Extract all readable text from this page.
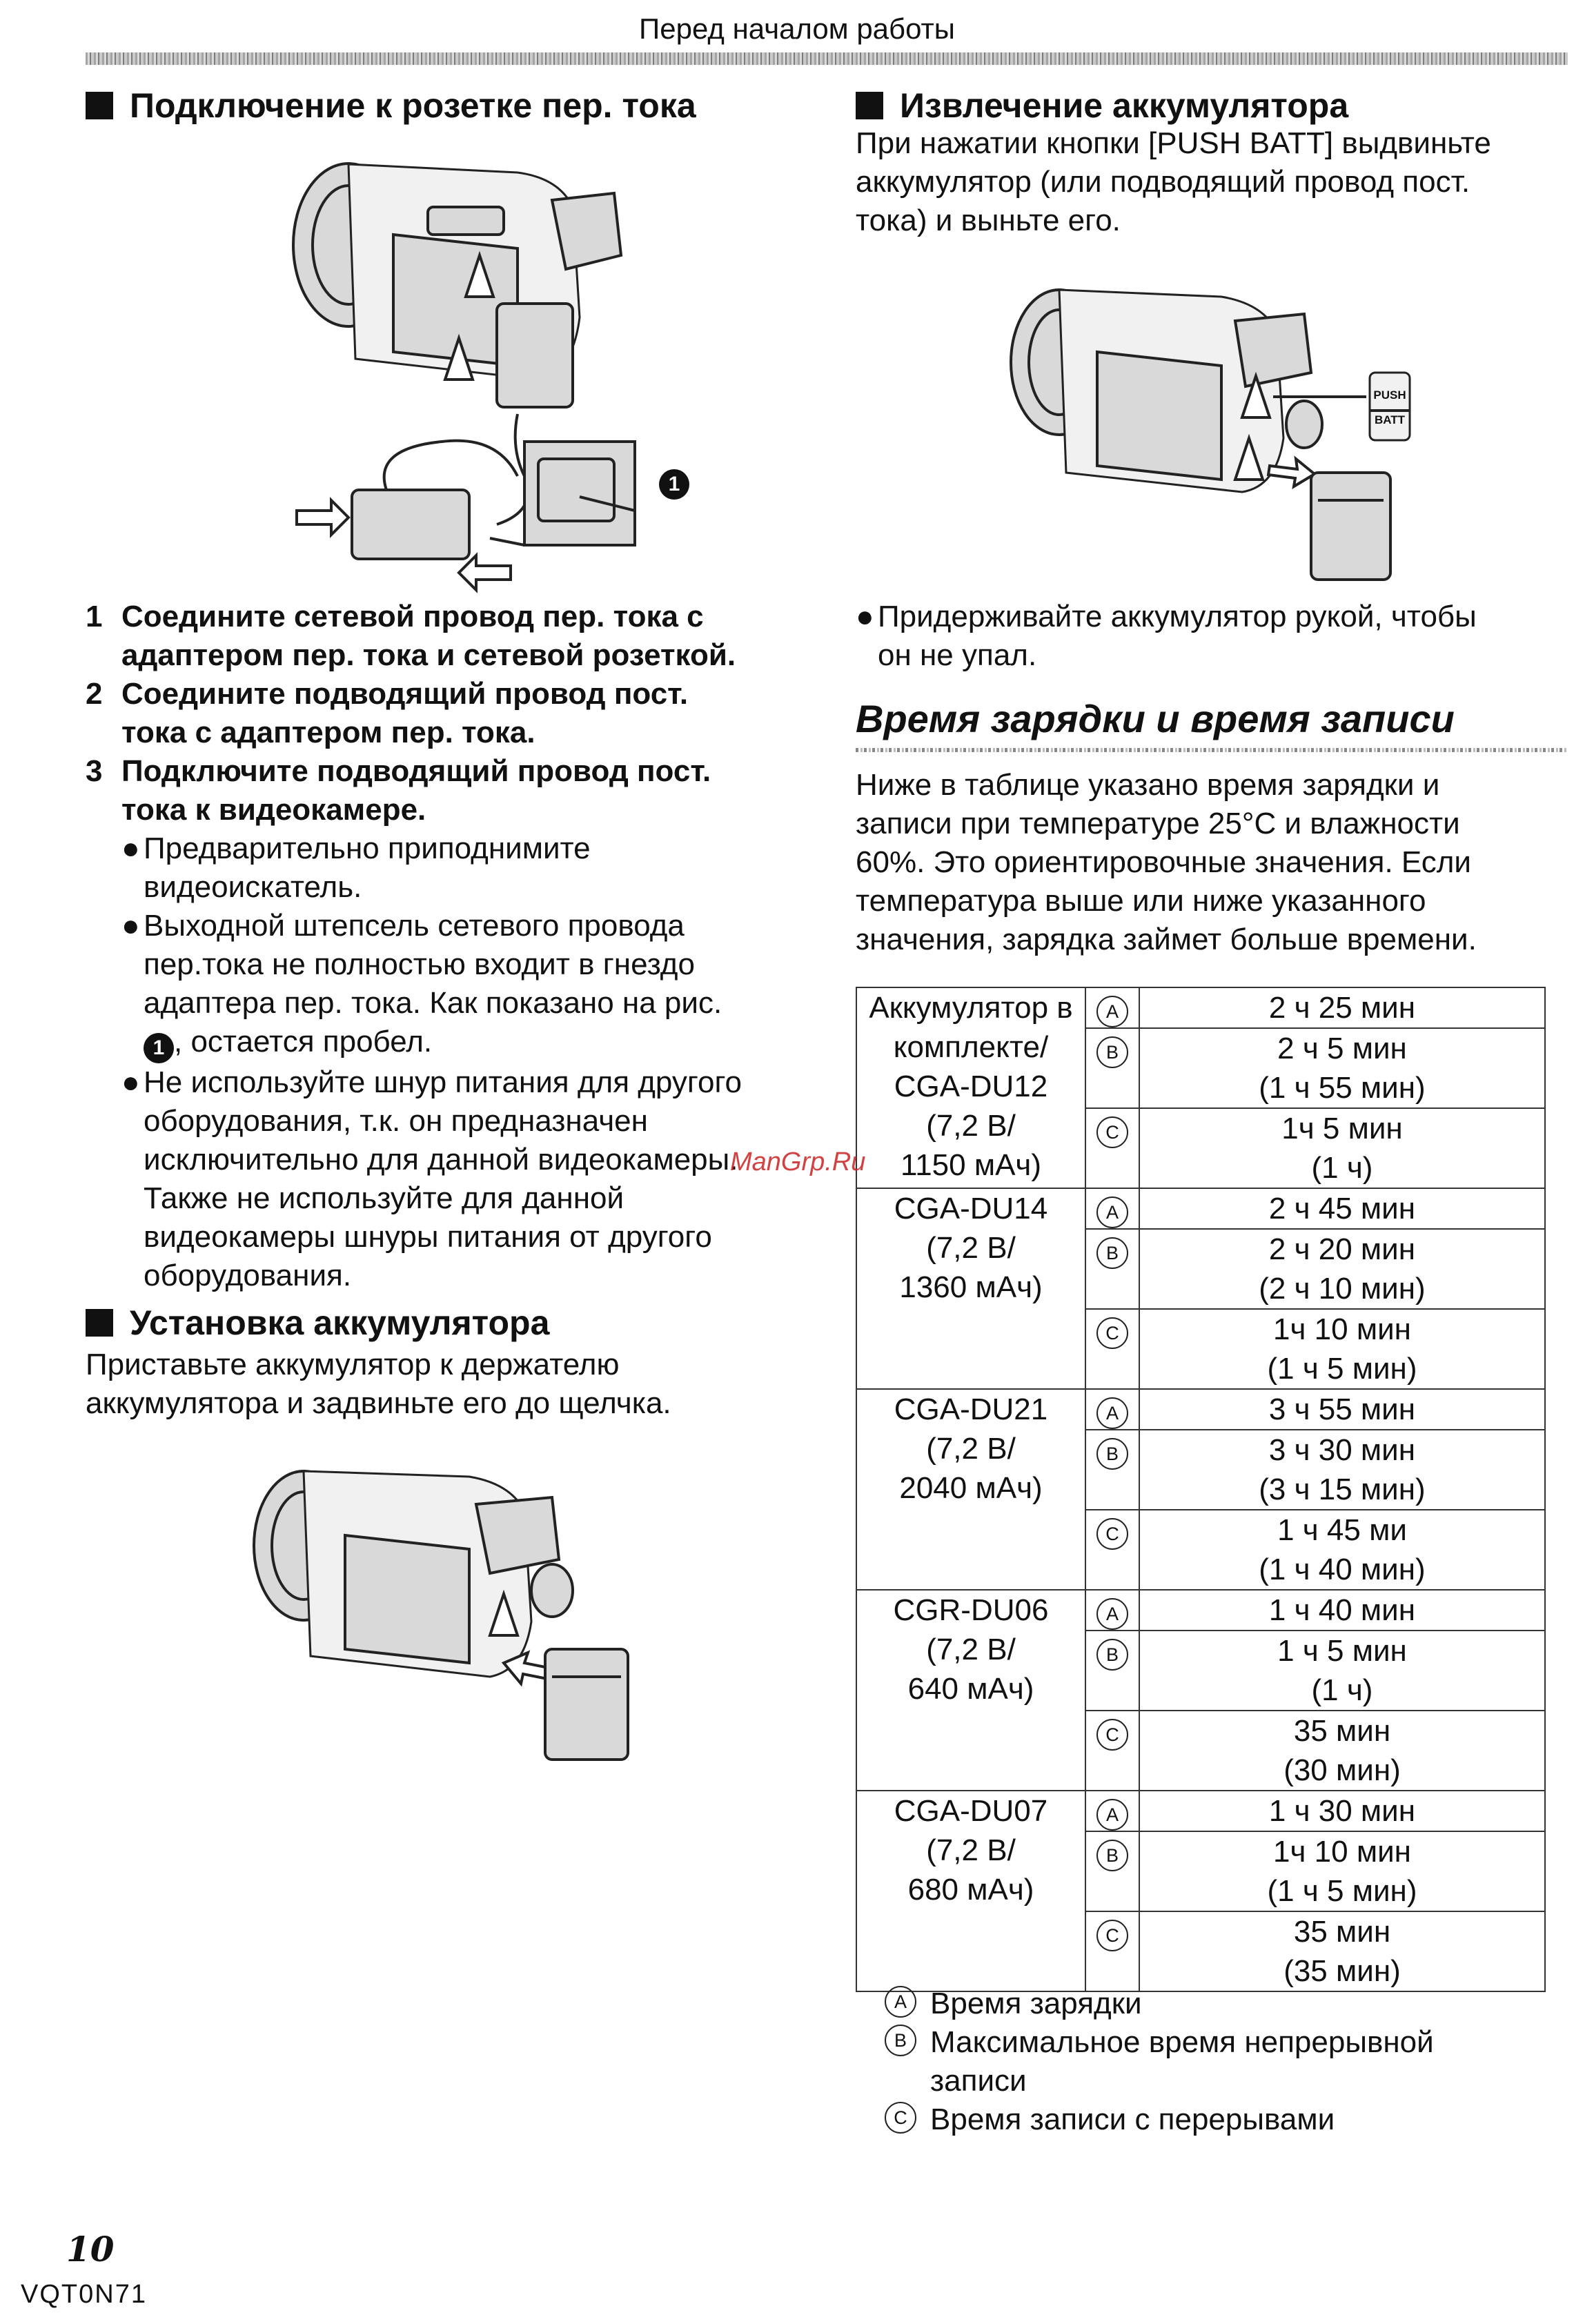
Перед началом работы
Подключение к розетке пер. тока
1
1 Соедините сетевой провод пер. тока с
адаптером пер. тока и сетевой розеткой.
2 Соедините подводящий провод пост.
тока с адаптером пер. тока.
3 Подключите подводящий провод пост.
тока к видеокамере.
● Предварительно приподнимите
видеоискатель.
● Выходной штепсель сетевого провода
пер.тока не полностью входит в гнездо
адаптера пер. тока. Как показано на рис.
1 , остается пробел.
● Не используйте шнур питания для другого
оборудования, т.к. он предназначен
исключительно для данной видеокамеры.
Также не используйте для данной
видеокамеры шнуры питания от другого
оборудования.
Установка аккумулятора
Приставьте аккумулятор к держателю
аккумулятора и задвиньте его до щелчка.
Извлечение аккумулятора
При нажатии кнопки [PUSH BATT] выдвиньте
аккумулятор (или подводящий провод пост.
тока) и выньте его.
PUSH
BATT
● Придерживайте аккумулятор рукой, чтобы
он не упал.
Время зарядки и время записи
Ниже в таблице указано время зарядки и
записи при температуре 25°C и влажности
60%. Это ориентировочные значения. Если
температура выше или ниже указанного
значения, зарядка займет больше времени.
Аккумулятор в
комплекте/
CGA-DU12
(7,2 В/
1150 мАч)	A	2 ч 25 мин

	B	2 ч 5 мин
(1 ч 55 мин)

	C	1ч 5 мин
(1 ч)

CGA-DU14
(7,2 В/
1360 мАч)	A	2 ч 45 мин

	B	2 ч 20 мин
(2 ч 10 мин)

	C	1ч 10 мин
(1 ч 5 мин)

CGA-DU21
(7,2 В/
2040 мАч)	A	3 ч 55 мин

	B	3 ч 30 мин
(3 ч 15 мин)

	C	1 ч 45 ми
(1 ч 40 мин)

CGR-DU06
(7,2 В/
640 мАч)	A	1 ч 40 мин

	B	1 ч 5 мин
(1 ч)

	C	35 мин
(30 мин)

CGA-DU07
(7,2 В/
680 мАч)	A	1 ч 30 мин

	B	1ч 10 мин
(1 ч 5 мин)

	C	35 мин
(35 мин)
A Время зарядки
B Максимальное время непрерывной
записи
C Время записи с перерывами
ManGrp.Ru
10
VQT0N71
